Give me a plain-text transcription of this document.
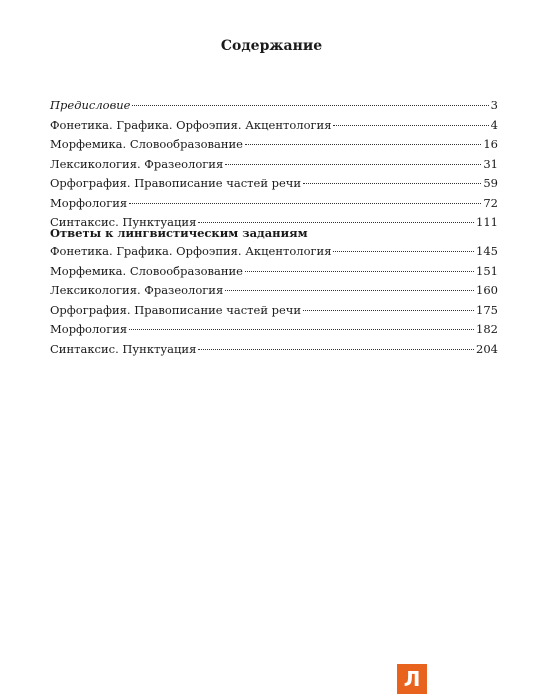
Содержание
Предисловие	3
Фонетика. Графика. Орфоэпия. Акцентология	4
Морфемика. Словообразование	16
Лексикология. Фразеология	31
Орфография. Правописание частей речи	59
Морфология	72
Синтаксис. Пунктуация	111
Ответы к лингвистическим заданиям
Фонетика. Графика. Орфоэпия. Акцентология	145
Морфемика. Словообразование	151
Лексикология. Фразеология	160
Орфография. Правописание частей речи	175
Морфология	182
Синтаксис. Пунктуация	204
Л
